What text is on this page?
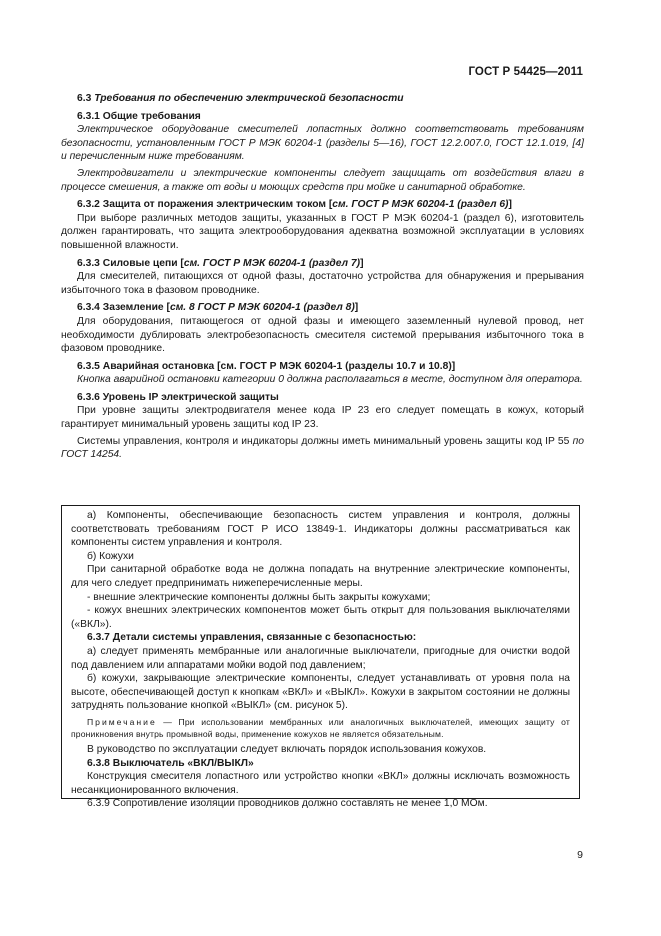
ГОСТ Р 54425—2011

6.3 Требования по обеспечению электрической безопасности

6.3.1 Общие требования

Электрическое оборудование смесителей лопастных должно соответствовать требованиям безопасности, установленным ГОСТ Р МЭК 60204-1 (разделы 5—16), ГОСТ 12.2.007.0, ГОСТ 12.1.019, [4] и перечисленным ниже требованиям.

Электродвигатели и электрические компоненты следует защищать от воздействия влаги в процессе смешения, а также от воды и моющих средств при мойке и санитарной обработке.

6.3.2 Защита от поражения электрическим током [см. ГОСТ Р МЭК 60204-1 (раздел 6)]

При выборе различных методов защиты, указанных в ГОСТ Р МЭК 60204-1 (раздел 6), изготовитель должен гарантировать, что защита электрооборудования адекватна возможной эксплуатации в условиях повышенной влажности.

6.3.3 Силовые цепи [см. ГОСТ Р МЭК 60204-1 (раздел 7)]

Для смесителей, питающихся от одной фазы, достаточно устройства для обнаружения и прерывания избыточного тока в фазовом проводнике.

6.3.4 Заземление [см. 8 ГОСТ Р МЭК 60204-1 (раздел 8)]

Для оборудования, питающегося от одной фазы и имеющего заземленный нулевой провод, нет необходимости дублировать электробезопасность смесителя системой прерывания избыточного тока в фазовом проводнике.

6.3.5 Аварийная остановка [см. ГОСТ Р МЭК 60204-1 (разделы 10.7 и 10.8)]

Кнопка аварийной остановки категории 0 должна располагаться в месте, доступном для оператора.

6.3.6 Уровень IP электрической защиты

При уровне защиты электродвигателя менее кода IP 23 его следует помещать в кожух, который гарантирует минимальный уровень защиты код IP 23.

Системы управления, контроля и индикаторы должны иметь минимальный уровень защиты код IP 55 по ГОСТ 14254.

а) Компоненты, обеспечивающие безопасность систем управления и контроля, должны соответствовать требованиям ГОСТ Р ИСО 13849-1. Индикаторы должны рассматриваться как компоненты систем управления и контроля.

б) Кожухи

При санитарной обработке вода не должна попадать на внутренние электрические компоненты, для чего следует предпринимать нижеперечисленные меры.

- внешние электрические компоненты должны быть закрыты кожухами;

- кожух внешних электрических компонентов может быть открыт для пользования выключателями («ВКЛ»).

6.3.7 Детали системы управления, связанные с безопасностью:

а) следует применять мембранные или аналогичные выключатели, пригодные для очистки водой под давлением или аппаратами мойки водой под давлением;

б) кожухи, закрывающие электрические компоненты, следует устанавливать от уровня пола на высоте, обеспечивающей доступ к кнопкам «ВКЛ» и «ВЫКЛ». Кожухи в закрытом состоянии не должны затруднять пользование кнопкой «ВЫКЛ» (см. рисунок 5).

Примечание — При использовании мембранных или аналогичных выключателей, имеющих защиту от проникновения внутрь промывной воды, применение кожухов не является обязательным.

В руководство по эксплуатации следует включать порядок использования кожухов.

6.3.8 Выключатель «ВКЛ/ВЫКЛ»

Конструкция смесителя лопастного или устройство кнопки «ВКЛ» должны исключать возможность несанкционированного включения.

6.3.9 Сопротивление изоляции проводников должно составлять не менее 1,0 МОм.

9
